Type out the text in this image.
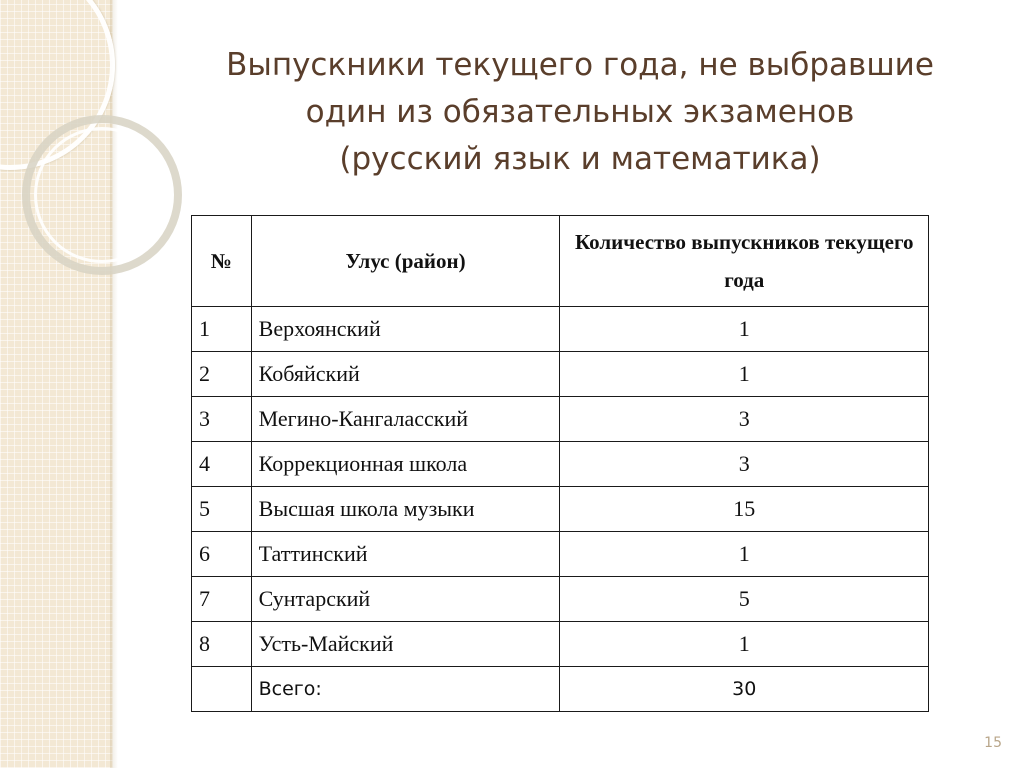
Выпускники текущего года, не выбравшие
один из обязательных экзаменов
(русский язык и математика)
№	Улус (район)	Количество выпускников текущего года
1	Верхоянский	1
2	Кобяйский	1
3	Мегино-Кангаласский	3
4	Коррекционная школа	3
5	Высшая школа музыки	15
6	Таттинский	1
7	Сунтарский	5
8	Усть-Майский	1
	Всего:	30
15
